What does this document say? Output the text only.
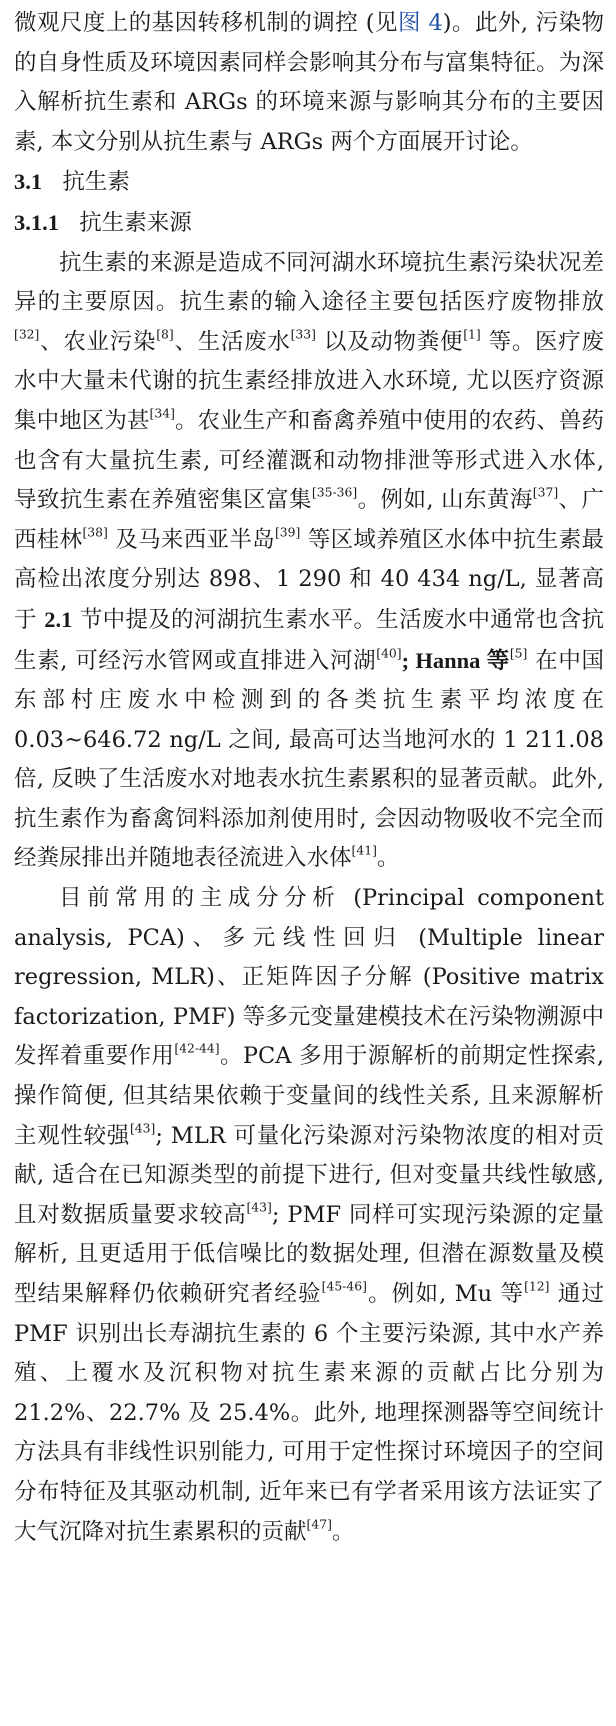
微观尺度上的基因转移机制的调控 (见图 4)。此外, 污染物的自身性质及环境因素同样会影响其分布与富集特征。为深入解析抗生素和 ARGs 的环境来源与影响其分布的主要因素, 本文分别从抗生素与 ARGs 两个方面展开讨论。

3.1 抗生素
3.1.1 抗生素来源

抗生素的来源是造成不同河湖水环境抗生素污染状况差异的主要原因。抗生素的输入途径主要包括医疗废物排放[32]、农业污染[8]、生活废水[33] 以及动物粪便[1] 等。医疗废水中大量未代谢的抗生素经排放进入水环境, 尤以医疗资源集中地区为甚[34]。农业生产和畜禽养殖中使用的农药、兽药也含有大量抗生素, 可经灌溉和动物排泄等形式进入水体, 导致抗生素在养殖密集区富集[35-36]。例如, 山东黄海[37]、广西桂林[38] 及马来西亚半岛[39] 等区域养殖区水体中抗生素最高检出浓度分别达 898、1 290 和 40 434 ng/L, 显著高于 2.1 节中提及的河湖抗生素水平。生活废水中通常也含抗生素, 可经污水管网或直排进入河湖[40]; Hanna 等[5] 在中国东部村庄废水中检测到的各类抗生素平均浓度在 0.03~646.72 ng/L 之间, 最高可达当地河水的 1 211.08 倍, 反映了生活废水对地表水抗生素累积的显著贡献。此外, 抗生素作为畜禽饲料添加剂使用时, 会因动物吸收不完全而经粪尿排出并随地表径流进入水体[41]。

目前常用的主成分分析 (Principal component analysis, PCA)、多元线性回归 (Multiple linear regression, MLR)、正矩阵因子分解 (Positive matrix factorization, PMF) 等多元变量建模技术在污染物溯源中发挥着重要作用[42-44]。PCA 多用于源解析的前期定性探索, 操作简便, 但其结果依赖于变量间的线性关系, 且来源解析主观性较强[43]; MLR 可量化污染源对污染物浓度的相对贡献, 适合在已知源类型的前提下进行, 但对变量共线性敏感, 且对数据质量要求较高[43]; PMF 同样可实现污染源的定量解析, 且更适用于低信噪比的数据处理, 但潜在源数量及模型结果解释仍依赖研究者经验[45-46]。例如, Mu 等[12] 通过 PMF 识别出长寿湖抗生素的 6 个主要污染源, 其中水产养殖、上覆水及沉积物对抗生素来源的贡献占比分别为 21.2%、22.7% 及 25.4%。此外, 地理探测器等空间统计方法具有非线性识别能力, 可用于定性探讨环境因子的空间分布特征及其驱动机制, 近年来已有学者采用该方法证实了大气沉降对抗生素累积的贡献[47]。
